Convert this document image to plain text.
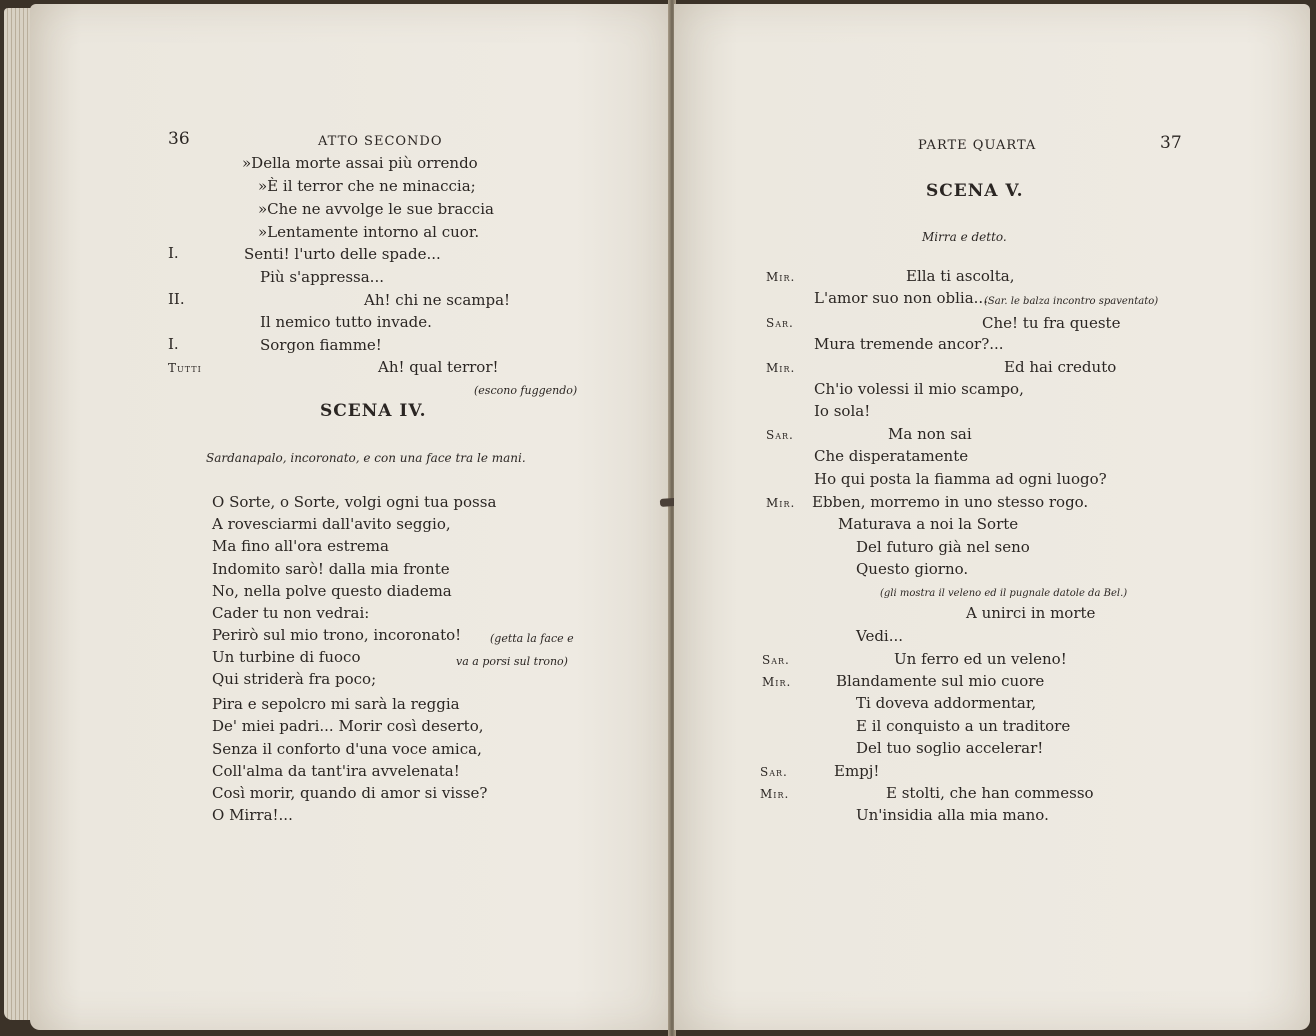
36	ATTO SECONDO
»Della morte assai più orrendo
»È il terror che ne minaccia;
»Che ne avvolge le sue braccia
»Lentamente intorno al cuor.
I.	Senti! l'urto delle spade...
Più s'appressa...
II.	Ah! chi ne scampa!
Il nemico tutto invade.
I.	Sorgon fiamme!
Tutti	Ah! qual terror!
(escono fuggendo)
SCENA IV.
Sardanapalo, incoronato, e con una face tra le mani.
O Sorte, o Sorte, volgi ogni tua possa
A rovesciarmi dall'avito seggio,
Ma fino all'ora estrema
Indomito sarò! dalla mia fronte
No, nella polve questo diadema
Cader tu non vedrai:
Perirò sul mio trono, incoronato!
Un turbine di fuoco
Qui striderà fra poco;
Pira e sepolcro mi sarà la reggia
De' miei padri... Morir così deserto,
Senza il conforto d'una voce amica,
Coll'alma da tant'ira avvelenata!
Così morir, quando di amor si visse?
O Mirra!...
(getta la face e
va a porsi sul trono)
PARTE QUARTA	37
SCENA V.
Mirra e detto.
Mir.	Ella ti ascolta,
L'amor suo non oblia...
(Sar. le balza incontro spaventato)
Sar.	Che! tu fra queste
Mura tremende ancor?...
Mir.	Ed hai creduto
Ch'io volessi il mio scampo,
Io sola!
Sar.	Ma non sai
Che disperatamente
Ho qui posta la fiamma ad ogni luogo?
Mir. Ebben, morremo in uno stesso rogo.
Maturava a noi la Sorte
Del futuro già nel seno
Questo giorno.
(gli mostra il veleno ed il pugnale datole da Bel.)
A unirci in morte
Vedi...
Sar.	Un ferro ed un veleno!
Mir.	Blandamente sul mio cuore
Ti doveva addormentar,
E il conquisto a un traditore
Del tuo soglio accelerar!
Sar.	Empj!
Mir.	E stolti, che han commesso
Un'insidia alla mia mano.
